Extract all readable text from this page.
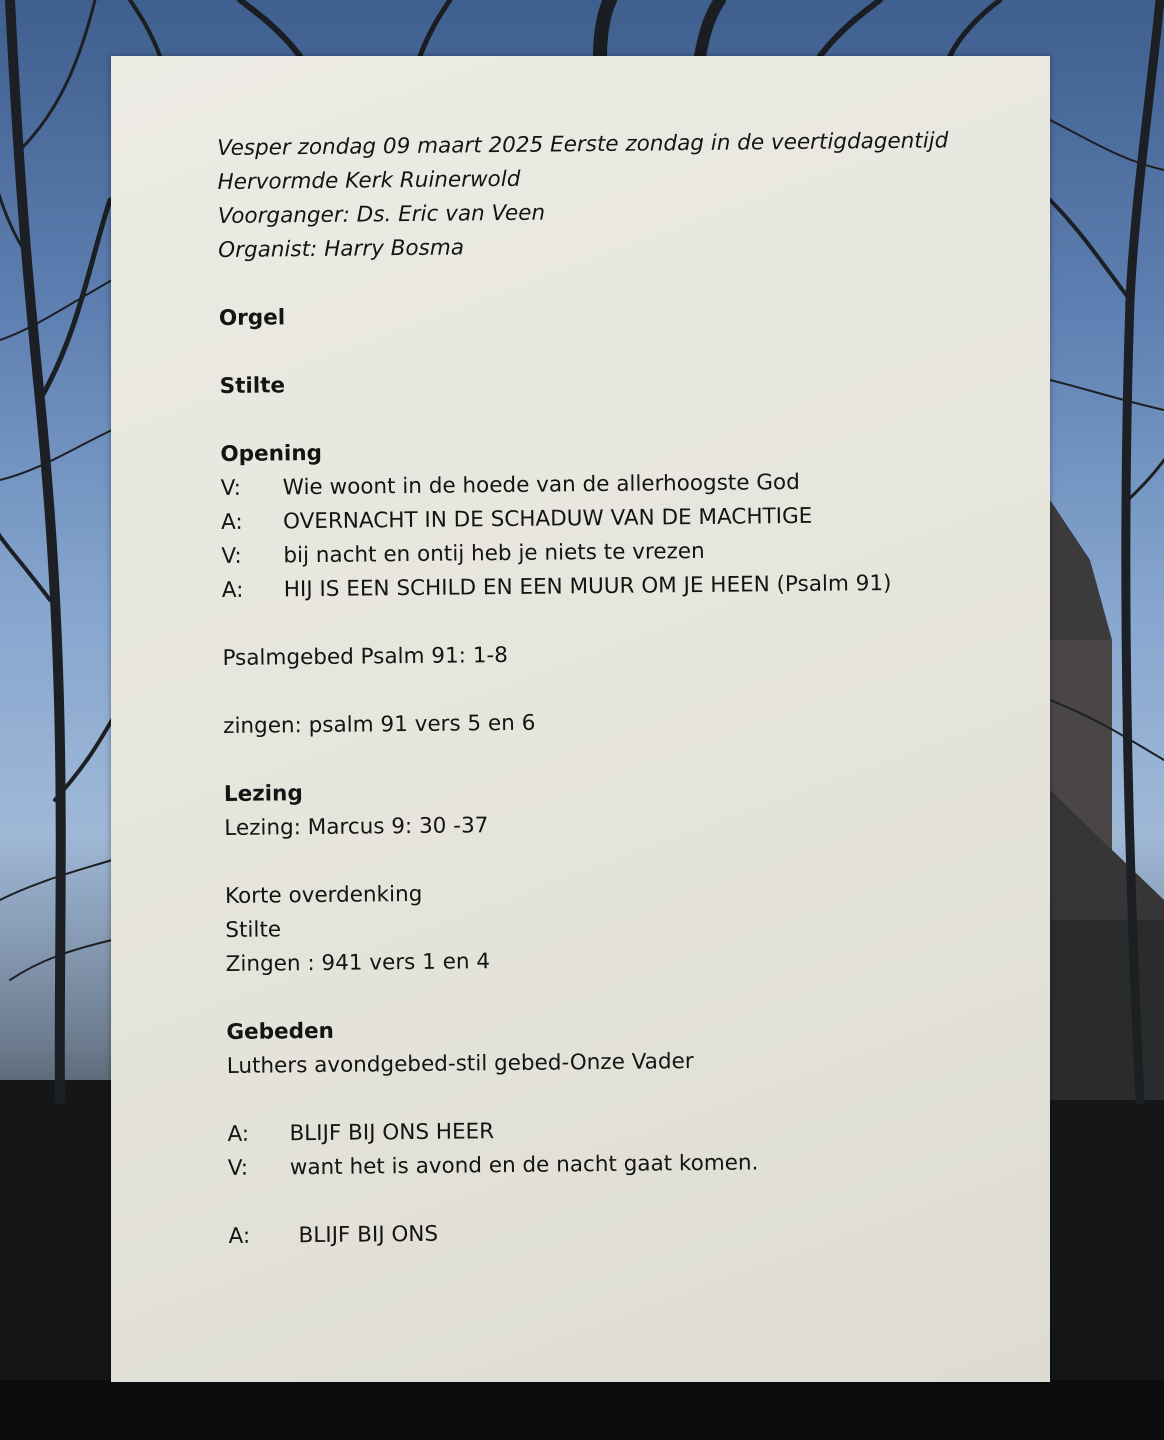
Vesper zondag 09 maart 2025 Eerste zondag in de veertigdagentijd
Hervormde Kerk Ruinerwold
Voorganger: Ds. Eric van Veen
Organist: Harry Bosma
Orgel
Stilte
Opening
V:	Wie woont in de hoede van de allerhoogste God
A:	OVERNACHT IN DE SCHADUW VAN DE MACHTIGE
V:	bij nacht en ontij heb je niets te vrezen
A:	HIJ IS EEN SCHILD EN EEN MUUR OM JE HEEN (Psalm 91)
Psalmgebed Psalm 91: 1-8
zingen: psalm 91 vers 5 en 6
Lezing
Lezing: Marcus 9: 30 -37
Korte overdenking
Stilte
Zingen : 941 vers 1 en 4
Gebeden
Luthers avondgebed-stil gebed-Onze Vader
A:	BLIJF BIJ ONS HEER
V:	want het is avond en de nacht gaat komen.
A:	BLIJF BIJ ONS
